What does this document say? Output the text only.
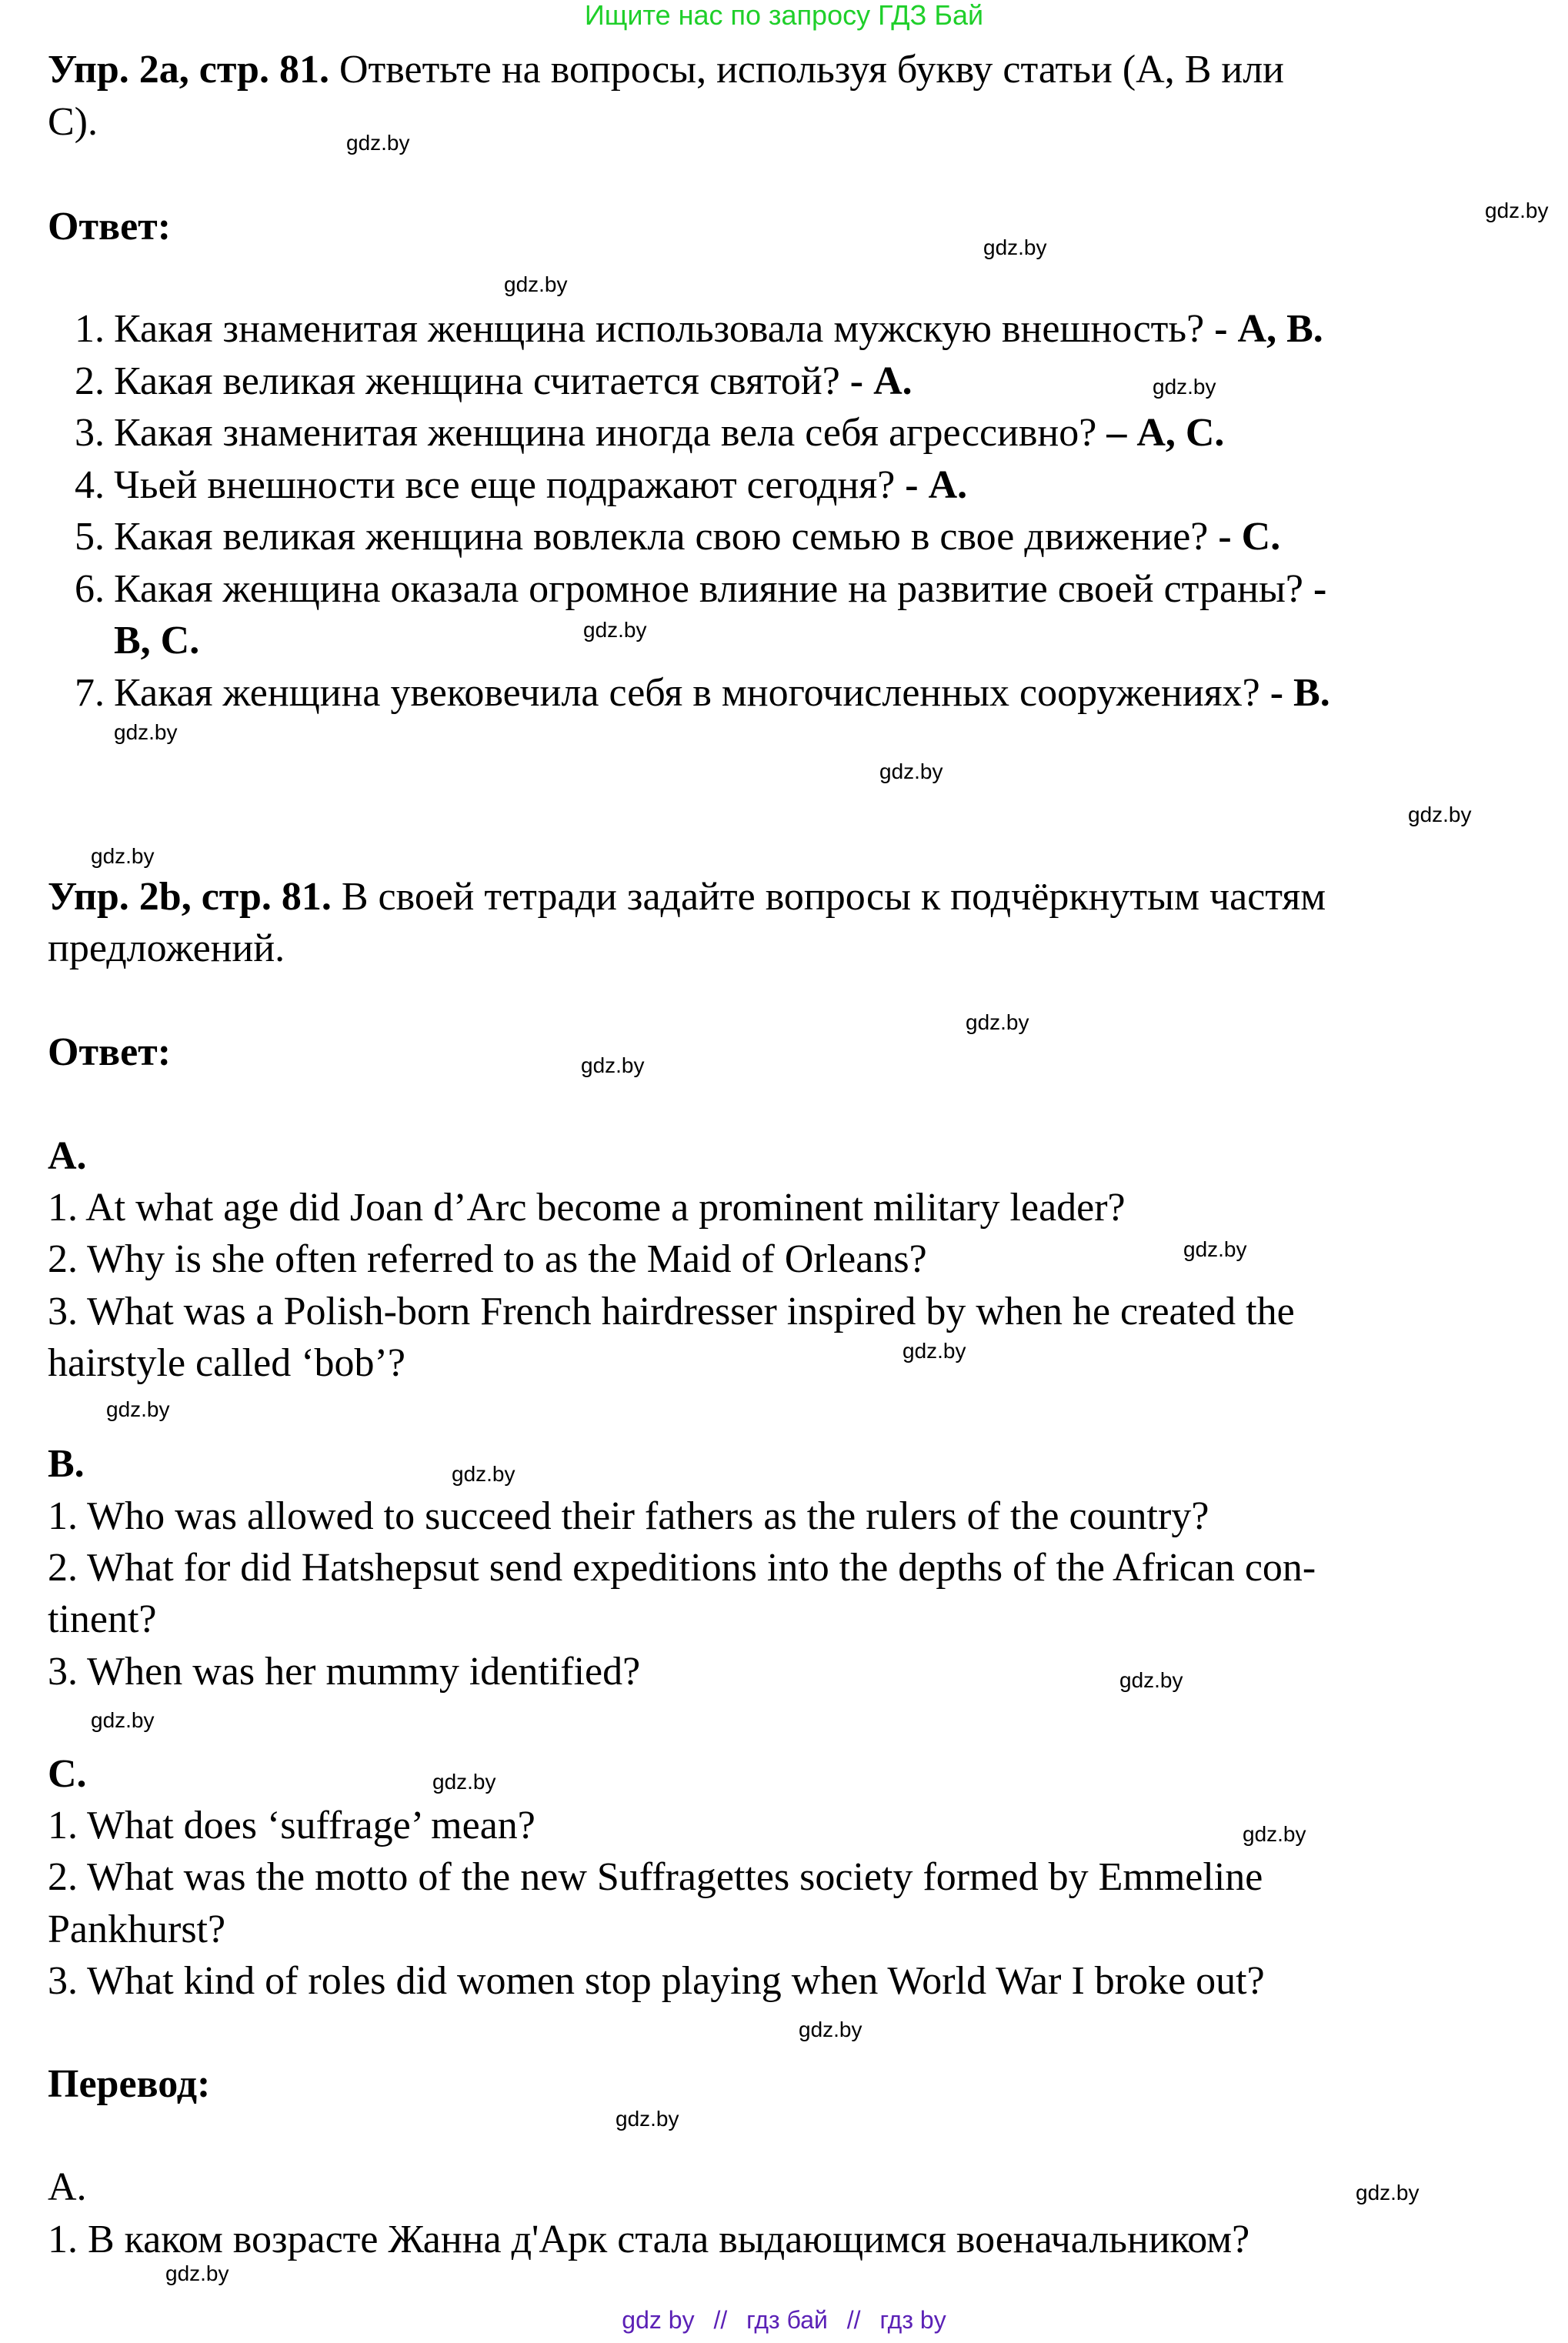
Ищите нас по запросу ГДЗ Бай
Упр. 2а, стр. 81. Ответьте на вопросы, используя букву статьи (A, B или
C).
Ответ:
1. Какая знаменитая женщина использовала мужскую внешность? - A, B.
2. Какая великая женщина считается святой? - A.
3. Какая знаменитая женщина иногда вела себя агрессивно? – A, C.
4. Чьей внешности все еще подражают сегодня? - A.
5. Какая великая женщина вовлекла свою семью в свое движение? - C.
6. Какая женщина оказала огромное влияние на развитие своей страны? -
B, C.
7. Какая женщина увековечила себя в многочисленных сооружениях? - B.
Упр. 2b, стр. 81. В своей тетради задайте вопросы к подчёркнутым частям
предложений.
Ответ:
A.
1. At what age did Joan d’Arc become a prominent military leader?
2. Why is she often referred to as the Maid of Orleans?
3. What was a Polish-born French hairdresser inspired by when he created the
hairstyle called ‘bob’?
B.
1. Who was allowed to succeed their fathers as the rulers of the country?
2. What for did Hatshepsut send expeditions into the depths of the African con-
tinent?
3. When was her mummy identified?
C.
1. What does ‘suffrage’ mean?
2. What was the motto of the new Suffragettes society formed by Emmeline
Pankhurst?
3. What kind of roles did women stop playing when World War I broke out?
Перевод:
A.
1. В каком возрасте Жанна д'Арк стала выдающимся военачальником?
gdz.by
gdz.by
gdz.by
gdz.by
gdz.by
gdz.by
gdz.by
gdz.by
gdz.by
gdz.by
gdz.by
gdz.by
gdz.by
gdz.by
gdz.by
gdz.by
gdz.by
gdz.by
gdz.by
gdz.by
gdz.by
gdz.by
gdz.by
gdz.by
gdz by // гдз бай // гдз by
